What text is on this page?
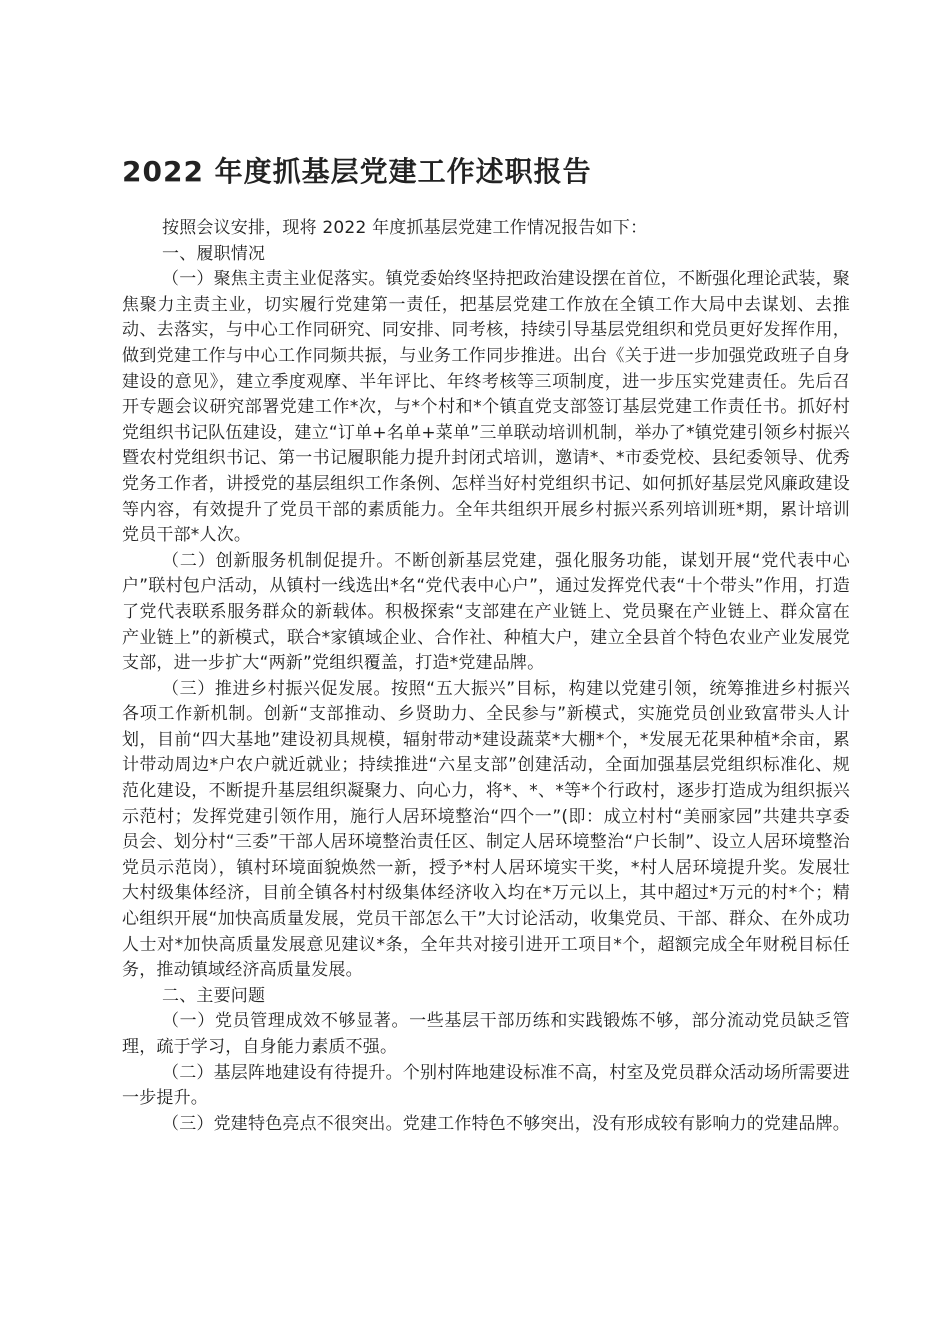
2022 年度抓基层党建工作述职报告

按照会议安排，现将 2022 年度抓基层党建工作情况报告如下：

一、履职情况

（一）聚焦主责主业促落实。镇党委始终坚持把政治建设摆在首位，不断强化理论武装，聚焦聚力主责主业，切实履行党建第一责任，把基层党建工作放在全镇工作大局中去谋划、去推动、去落实，与中心工作同研究、同安排、同考核，持续引导基层党组织和党员更好发挥作用，做到党建工作与中心工作同频共振，与业务工作同步推进。出台《关于进一步加强党政班子自身建设的意见》，建立季度观摩、半年评比、年终考核等三项制度，进一步压实党建责任。先后召开专题会议研究部署党建工作*次，与*个村和*个镇直党支部签订基层党建工作责任书。抓好村党组织书记队伍建设，建立“订单+名单+菜单”三单联动培训机制，举办了*镇党建引领乡村振兴暨农村党组织书记、第一书记履职能力提升封闭式培训，邀请*、*市委党校、县纪委领导、优秀党务工作者，讲授党的基层组织工作条例、怎样当好村党组织书记、如何抓好基层党风廉政建设等内容，有效提升了党员干部的素质能力。全年共组织开展乡村振兴系列培训班*期，累计培训党员干部*人次。

（二）创新服务机制促提升。不断创新基层党建，强化服务功能，谋划开展“党代表中心户”联村包户活动，从镇村一线选出*名“党代表中心户”，通过发挥党代表“十个带头”作用，打造了党代表联系服务群众的新载体。积极探索“支部建在产业链上、党员聚在产业链上、群众富在产业链上”的新模式，联合*家镇域企业、合作社、种植大户，建立全县首个特色农业产业发展党支部，进一步扩大“两新”党组织覆盖，打造*党建品牌。

（三）推进乡村振兴促发展。按照“五大振兴”目标，构建以党建引领，统筹推进乡村振兴各项工作新机制。创新“支部推动、乡贤助力、全民参与”新模式，实施党员创业致富带头人计划，目前“四大基地”建设初具规模，辐射带动*建设蔬菜*大棚*个，*发展无花果种植*余亩，累计带动周边*户农户就近就业；持续推进“六星支部”创建活动，全面加强基层党组织标准化、规范化建设，不断提升基层组织凝聚力、向心力，将*、*、*等*个行政村，逐步打造成为组织振兴示范村；发挥党建引领作用，施行人居环境整治“四个一”(即：成立村村“美丽家园”共建共享委员会、划分村“三委”干部人居环境整治责任区、制定人居环境整治“户长制”、设立人居环境整治党员示范岗），镇村环境面貌焕然一新，授予*村人居环境实干奖，*村人居环境提升奖。发展壮大村级集体经济，目前全镇各村村级集体经济收入均在*万元以上，其中超过*万元的村*个；精心组织开展“加快高质量发展，党员干部怎么干”大讨论活动，收集党员、干部、群众、在外成功人士对*加快高质量发展意见建议*条，全年共对接引进开工项目*个，超额完成全年财税目标任务，推动镇域经济高质量发展。

二、主要问题

（一）党员管理成效不够显著。一些基层干部历练和实践锻炼不够，部分流动党员缺乏管理，疏于学习，自身能力素质不强。

（二）基层阵地建设有待提升。个别村阵地建设标准不高，村室及党员群众活动场所需要进一步提升。

（三）党建特色亮点不很突出。党建工作特色不够突出，没有形成较有影响力的党建品牌。
